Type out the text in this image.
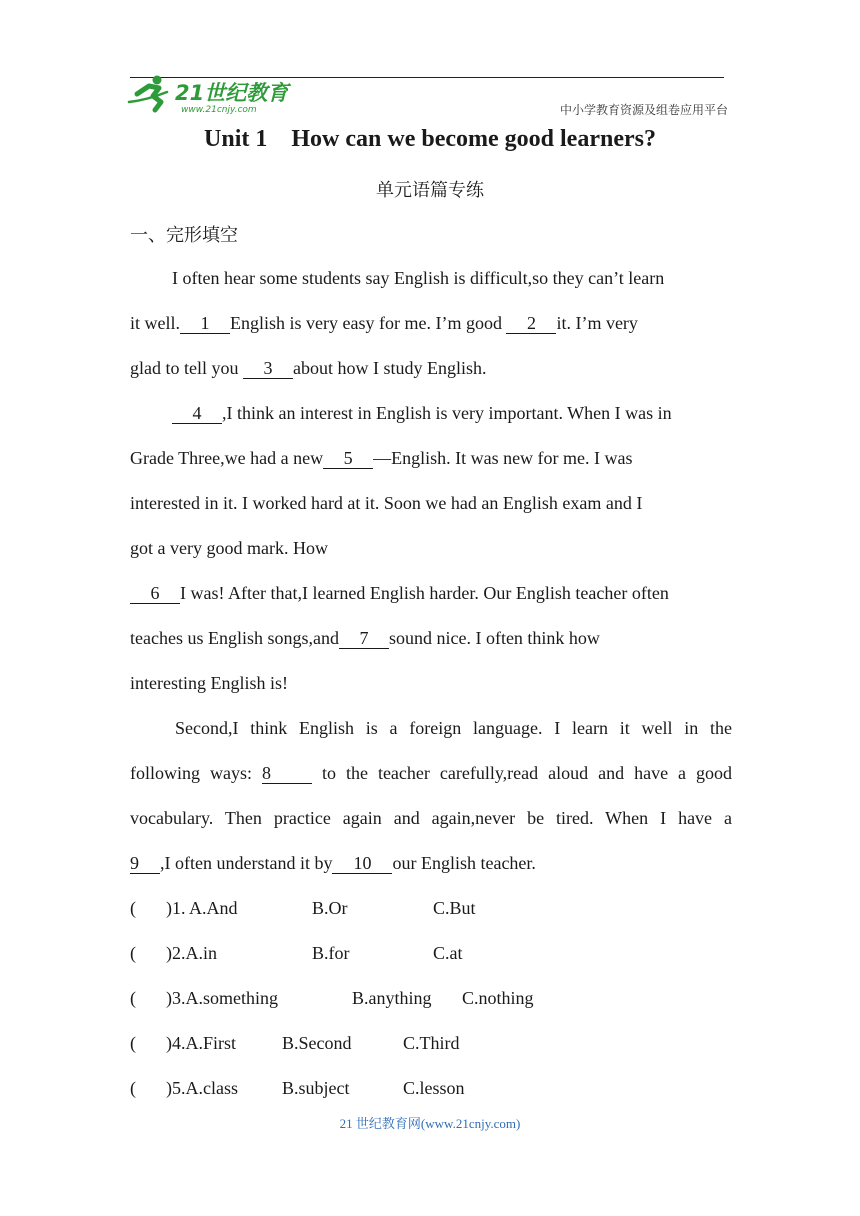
21世纪教育
www.21cnjy.com	中小学教育资源及组卷应用平台
Unit 1    How can we become good learners?
单元语篇专练
一、完形填空
I often hear some students say English is difficult,so they can’t learn
it well. 1 English is very easy for me. I’m good 2 it. I’m very
glad to tell you 3 about how I study English.
4 ,I think an interest in English is very important. When I was in
Grade Three,we had a new 5 —English. It was new for me. I was
interested in it. I worked hard at it. Soon we had an English exam and I
got a very good mark. How
6 I was! After that,I learned English harder. Our English teacher often
teaches us English songs,and 7 sound nice. I often think how
interesting English is!
Second,I think English is a foreign language. I learn it well in the
following ways: 8	to the teacher carefully,read aloud and have a good
vocabulary. Then practice again and again,never be tired. When I have a
9 ,I often understand it by 10 our English teacher.
( )1. A.And	B.Or	C.But
( )2.A.in	B.for	C.at
( )3.A.something	B.anything C.nothing
( )4.A.First	B.Second	C.Third
( )5.A.class B.subject	C.lesson
21 世纪教育网(www.21cnjy.com)
